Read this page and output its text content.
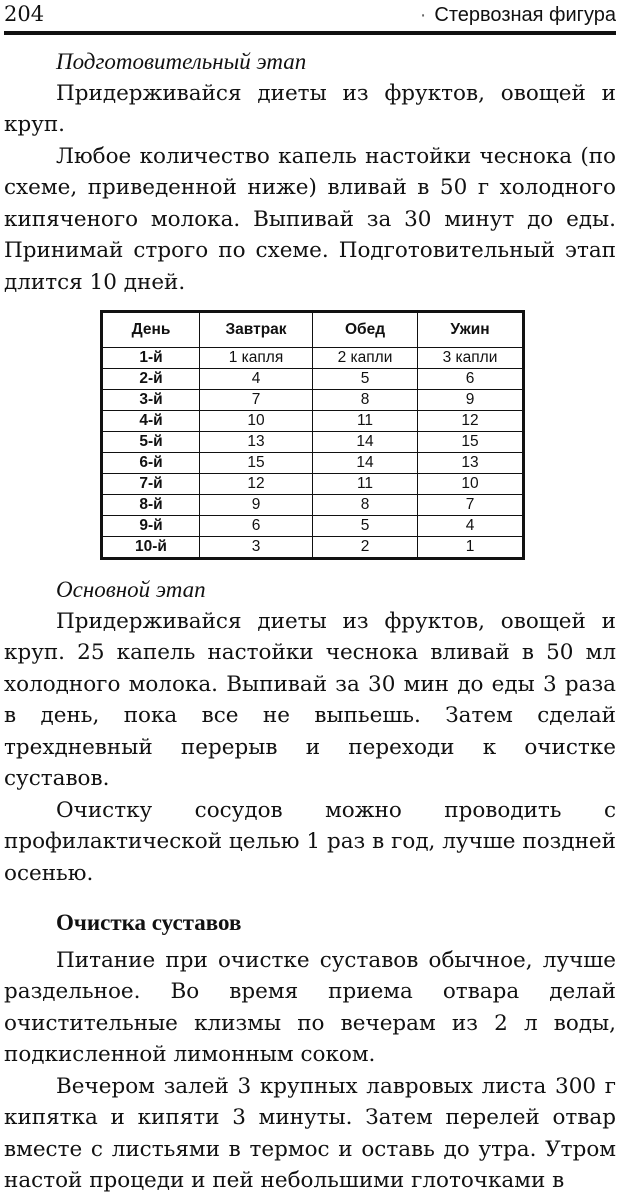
204	· Стервозная фигура

Подготовительный этап

Придерживайся диеты из фруктов, овощей и круп.

Любое количество капель настойки чеснока (по схеме, приведенной ниже) вливай в 50 г холодного кипяченого молока. Выпивай за 30 минут до еды. Принимай строго по схеме. Подготовительный этап длится 10 дней.

День	Завтрак	Обед	Ужин
1-й	1 капля	2 капли	3 капли
2-й	4	5	6
3-й	7	8	9
4-й	10	11	12
5-й	13	14	15
6-й	15	14	13
7-й	12	11	10
8-й	9	8	7
9-й	6	5	4
10-й	3	2	1

Основной этап

Придерживайся диеты из фруктов, овощей и круп. 25 капель настойки чеснока вливай в 50 мл холодного молока. Выпивай за 30 мин до еды 3 раза в день, пока все не выпьешь. Затем сделай трехдневный перерыв и переходи к очистке суставов.

Очистку сосудов можно проводить с профилактической целью 1 раз в год, лучше поздней осенью.

Очистка суставов

Питание при очистке суставов обычное, лучше раздельное. Во время приема отвара делай очистительные клизмы по вечерам из 2 л воды, подкисленной лимонным соком.

Вечером залей 3 крупных лавровых листа 300 г кипятка и кипяти 3 минуты. Затем перелей отвар вместе с листьями в термос и оставь до утра. Утром настой процеди и пей небольшими глоточками в
